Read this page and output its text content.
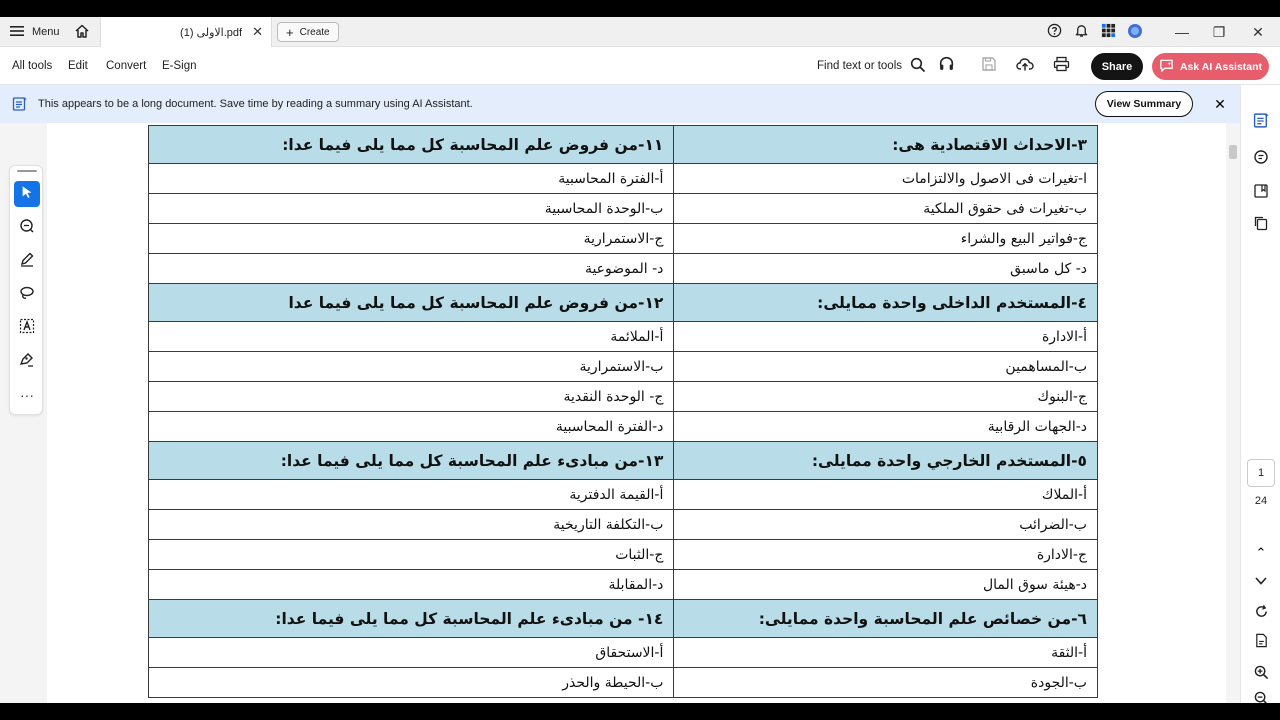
Menu	الاولى (1).pdf ✕ + Create	— ❐ ✕
All tools Edit Convert E-Sign	Find text or tools	Share	Ask AI Assistant
This appears to be a long document. Save time by reading a summary using AI Assistant.	View Summary	✕
١١-من فروض علم المحاسبة كل مما يلى فيما عدا:	٣-الاحداث الاقتصادية هى:
أ-الفترة المحاسبية	ا-تغيرات فى الاصول والالتزامات
ب-الوحدة المحاسبية	ب-تغيرات فى حقوق الملكية
ج-الاستمرارية	ج-فواتير البيع والشراء
د- الموضوعية	د- كل ماسبق
١٢-من فروض علم المحاسبة كل مما يلى فيما عدا	٤-المستخدم الداخلى واحدة ممايلى:
أ-الملائمة	أ-الادارة
ب-الاستمرارية	ب-المساهمين
ج- الوحدة النقدية	ج-البنوك
د-الفترة المحاسبية	د-الجهات الرقابية
١٣-من مبادىء علم المحاسبة كل مما يلى فيما عدا:	٥-المستخدم الخارجي واحدة ممايلى:
أ-القيمة الدفترية	أ-الملاك
ب-التكلفة التاريخية	ب-الضرائب
ج-الثبات	ج-الادارة
د-المقابلة	د-هيئة سوق المال
١٤- من مبادىء علم المحاسبة كل مما يلى فيما عدا:	٦-من خصائص علم المحاسبة واحدة ممايلى:
أ-الاستحقاق	أ-الثقة
ب-الحيطة والحذر	ب-الجودة
···
1
24
⌃
